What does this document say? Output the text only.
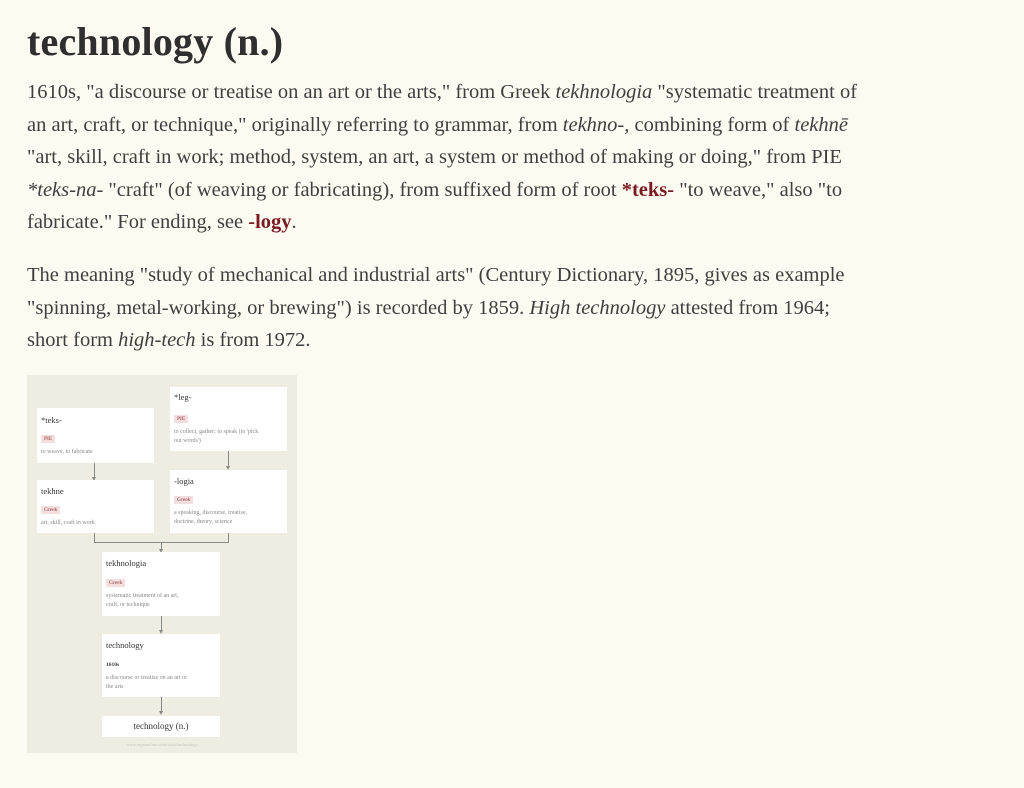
technology (n.)

1610s, "a discourse or treatise on an art or the arts," from Greek tekhnologia "systematic treatment of
an art, craft, or technique," originally referring to grammar, from tekhno-, combining form of tekhnē
"art, skill, craft in work; method, system, an art, a system or method of making or doing," from PIE
*teks-na- "craft" (of weaving or fabricating), from suffixed form of root *teks- "to weave," also "to
fabricate." For ending, see -logy.

The meaning "study of mechanical and industrial arts" (Century Dictionary, 1895, gives as example
"spinning, metal-working, or brewing") is recorded by 1859. High technology attested from 1964;
short form high-tech is from 1972.

*teks-
PIE
to weave, to fabricate
*leg-
PIE
to collect, gather; to speak (to 'pick
out words')
tekhne
Greek
art, skill, craft in work
-logia
Greek
a speaking, discourse, treatise,
doctrine, theory, science
tekhnologia
Greek
systematic treatment of an art,
craft, or technique
technology
1610s
a discourse or treatise on an art or
the arts
technology (n.)
www.etymonline.com/word/technology
